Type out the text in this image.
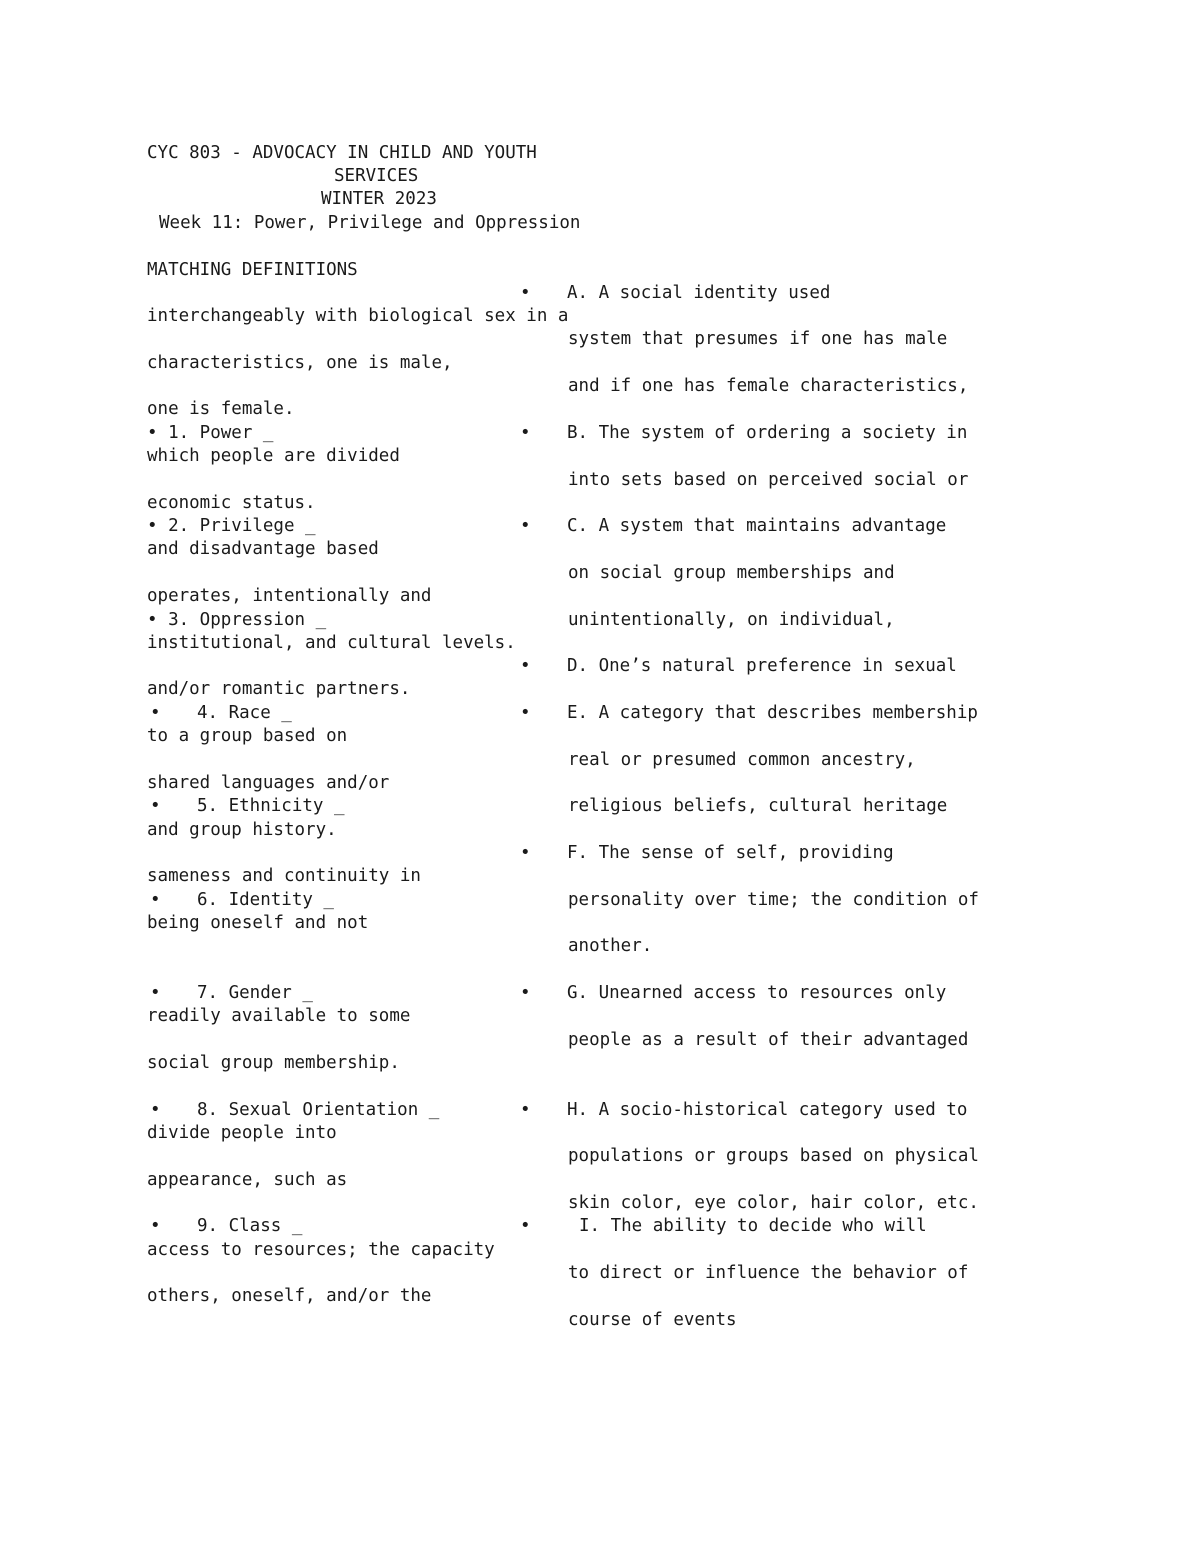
CYC 803 - ADVOCACY IN CHILD AND YOUTH
SERVICES
WINTER 2023
Week 11: Power, Privilege and Oppression
MATCHING DEFINITIONS
• A. A social identity used
interchangeably with biological sex in a
system that presumes if one has male
characteristics, one is male,
and if one has female characteristics,
one is female.
• 1. Power _	• B. The system of ordering a society in
which people are divided
into sets based on perceived social or
economic status.
• 2. Privilege _	• C. A system that maintains advantage
and disadvantage based
on social group memberships and
operates, intentionally and
• 3. Oppression _	unintentionally, on individual,
institutional, and cultural levels.
• D. One’s natural preference in sexual
and/or romantic partners.
• 4. Race _	• E. A category that describes membership
to a group based on
real or presumed common ancestry,
shared languages and/or
• 5. Ethnicity _	religious beliefs, cultural heritage
and group history.
• F. The sense of self, providing
sameness and continuity in
• 6. Identity _	personality over time; the condition of
being oneself and not
another.
• 7. Gender _	• G. Unearned access to resources only
readily available to some
people as a result of their advantaged
social group membership.
• 8. Sexual Orientation _	• H. A socio-historical category used to
divide people into
populations or groups based on physical
appearance, such as
skin color, eye color, hair color, etc.
• 9. Class _	•	I. The ability to decide who will
access to resources; the capacity
to direct or influence the behavior of
others, oneself, and/or the
course of events
